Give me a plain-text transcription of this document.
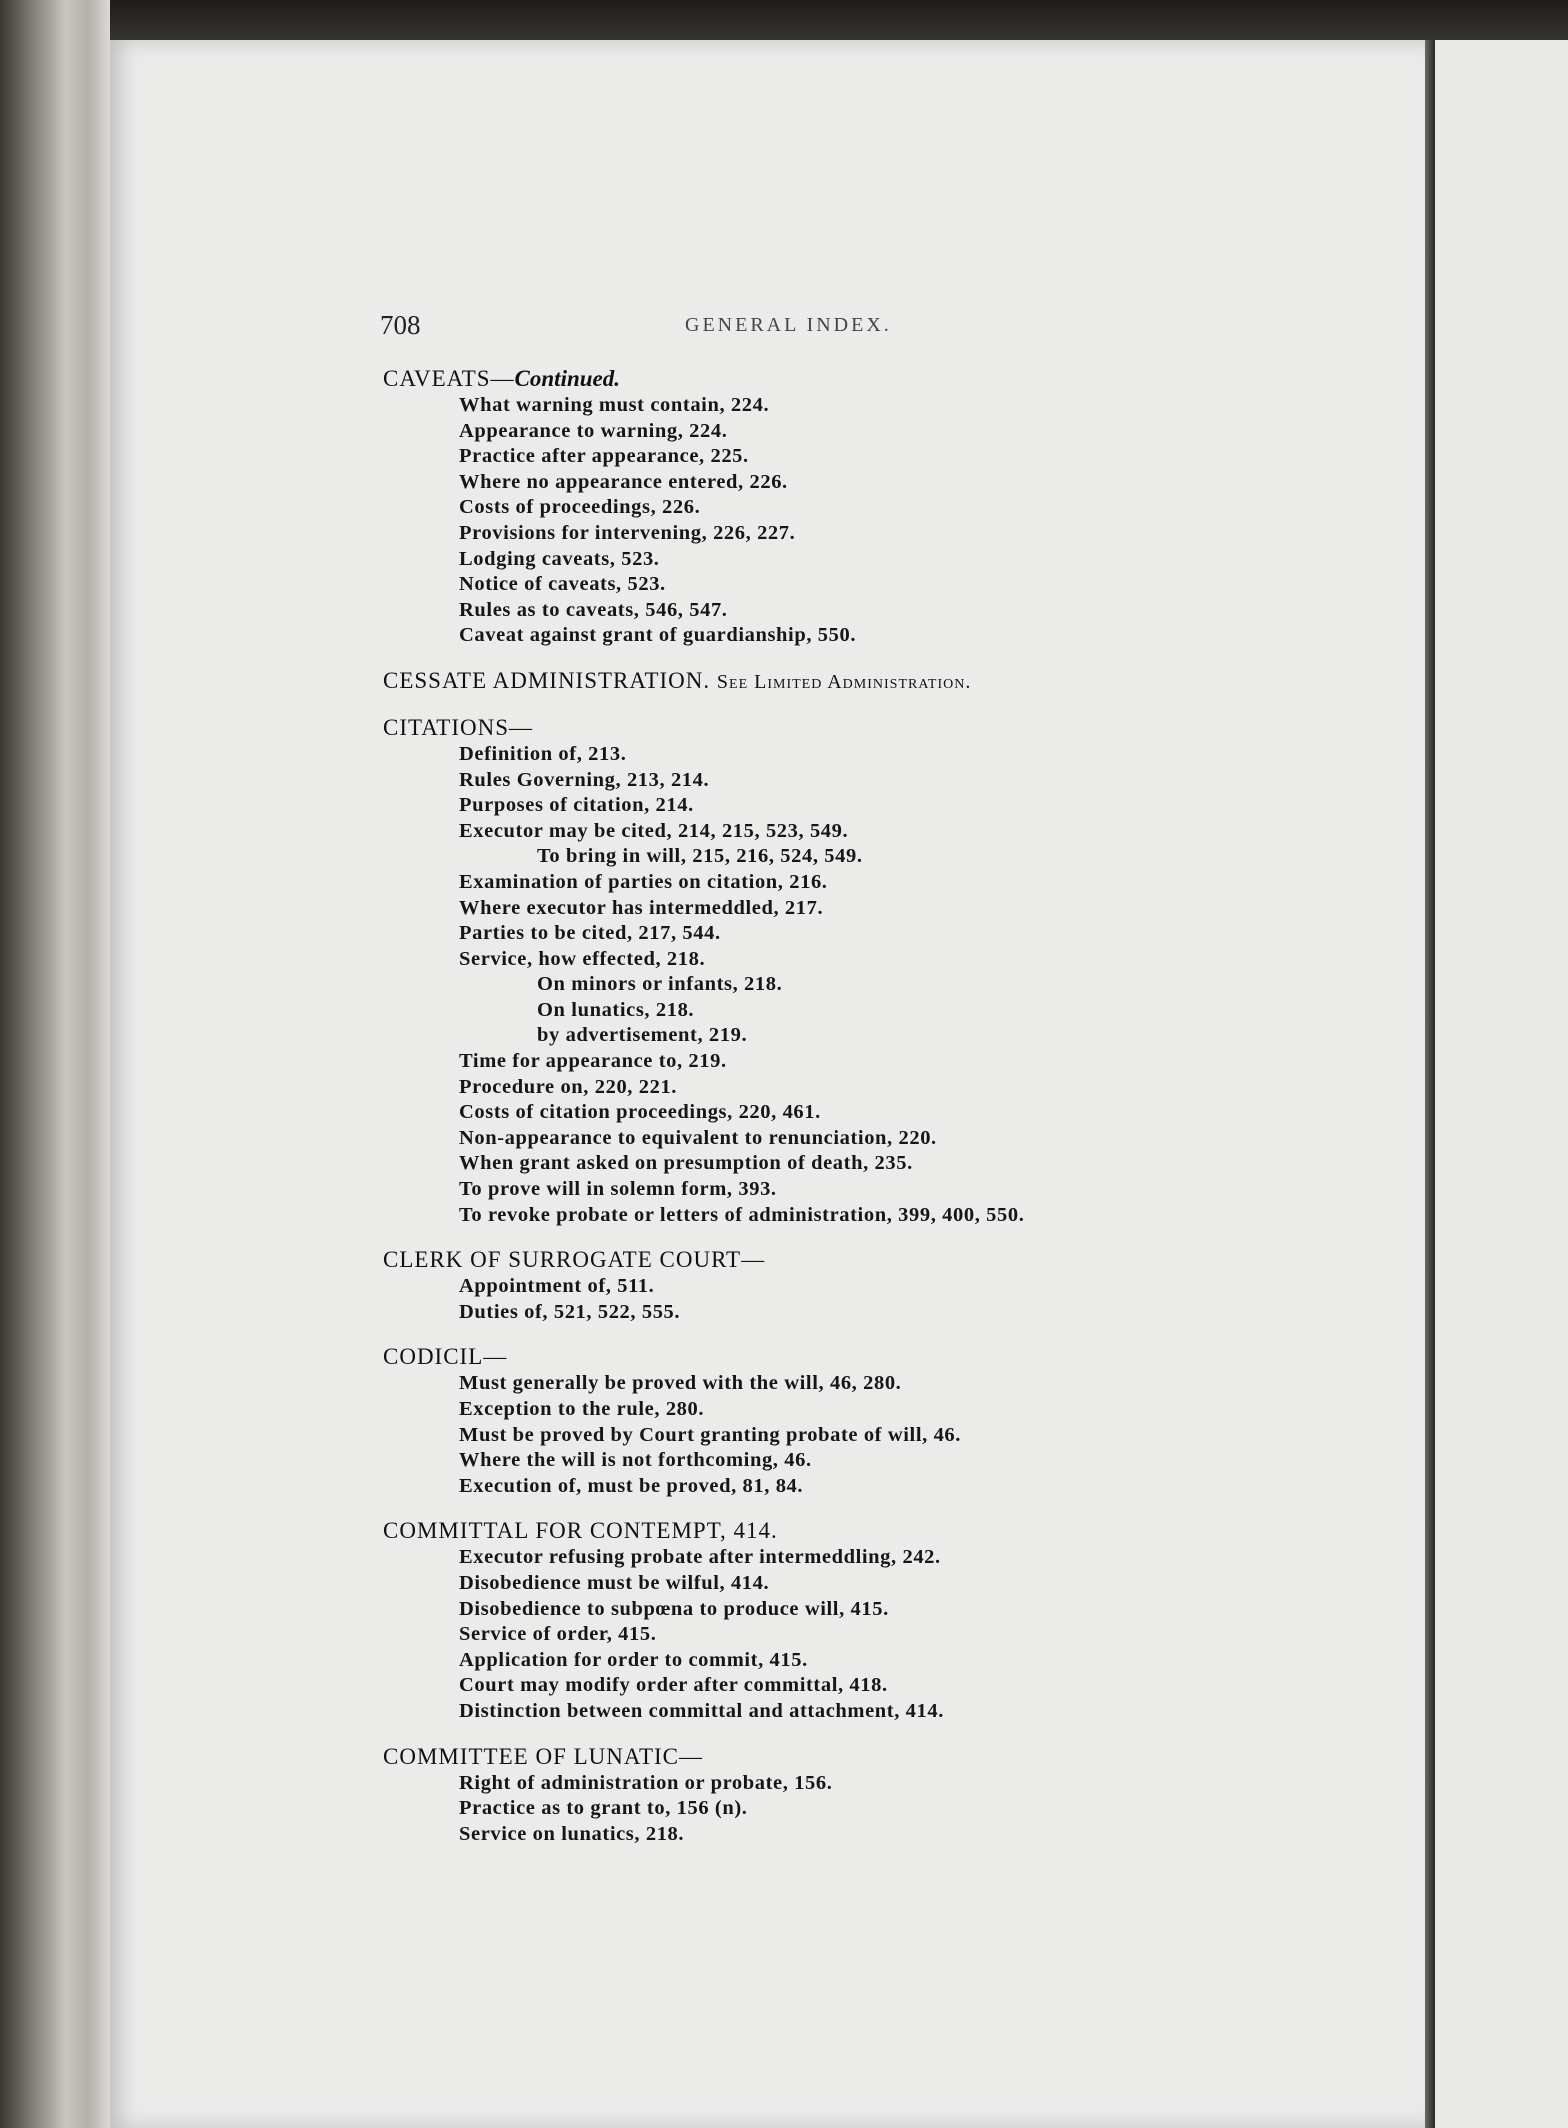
708	GENERAL INDEX.
CAVEATS—Continued.
What warning must contain, 224.
Appearance to warning, 224.
Practice after appearance, 225.
Where no appearance entered, 226.
Costs of proceedings, 226.
Provisions for intervening, 226, 227.
Lodging caveats, 523.
Notice of caveats, 523.
Rules as to caveats, 546, 547.
Caveat against grant of guardianship, 550.
CESSATE ADMINISTRATION. See Limited Administration.
CITATIONS—
Definition of, 213.
Rules Governing, 213, 214.
Purposes of citation, 214.
Executor may be cited, 214, 215, 523, 549.
To bring in will, 215, 216, 524, 549.
Examination of parties on citation, 216.
Where executor has intermeddled, 217.
Parties to be cited, 217, 544.
Service, how effected, 218.
On minors or infants, 218.
On lunatics, 218.
by advertisement, 219.
Time for appearance to, 219.
Procedure on, 220, 221.
Costs of citation proceedings, 220, 461.
Non-appearance to equivalent to renunciation, 220.
When grant asked on presumption of death, 235.
To prove will in solemn form, 393.
To revoke probate or letters of administration, 399, 400, 550.
CLERK OF SURROGATE COURT—
Appointment of, 511.
Duties of, 521, 522, 555.
CODICIL—
Must generally be proved with the will, 46, 280.
Exception to the rule, 280.
Must be proved by Court granting probate of will, 46.
Where the will is not forthcoming, 46.
Execution of, must be proved, 81, 84.
COMMITTAL FOR CONTEMPT, 414.
Executor refusing probate after intermeddling, 242.
Disobedience must be wilful, 414.
Disobedience to subpœna to produce will, 415.
Service of order, 415.
Application for order to commit, 415.
Court may modify order after committal, 418.
Distinction between committal and attachment, 414.
COMMITTEE OF LUNATIC—
Right of administration or probate, 156.
Practice as to grant to, 156 (n).
Service on lunatics, 218.
